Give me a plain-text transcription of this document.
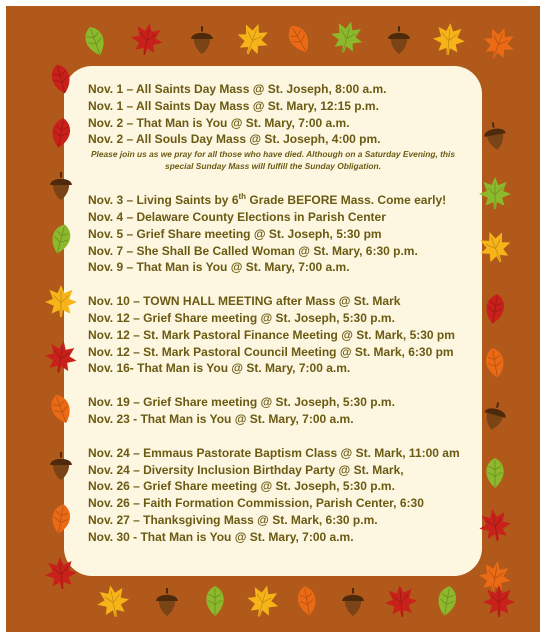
Nov. 1 – All Saints Day Mass @ St. Joseph, 8:00 a.m.
Nov. 1 – All Saints Day Mass @ St. Mary, 12:15 p.m.
Nov. 2 – That Man is You @ St. Mary, 7:00 a.m.
Nov. 2 – All Souls Day Mass @ St. Joseph, 4:00 pm.
Please join us as we pray for all those who have died. Although on a Saturday Evening, this special Sunday Mass will fulfill the Sunday Obligation.
Nov. 3 – Living Saints by 6th Grade BEFORE Mass. Come early!
Nov. 4 – Delaware County Elections in Parish Center
Nov. 5 – Grief Share meeting @ St. Joseph, 5:30 pm
Nov. 7 – She Shall Be Called Woman @ St. Mary, 6:30 p.m.
Nov. 9 – That Man is You @ St. Mary, 7:00 a.m.
Nov. 10 – TOWN HALL MEETING after Mass @ St. Mark
Nov. 12 – Grief Share meeting @ St. Joseph, 5:30 p.m.
Nov. 12 – St. Mark Pastoral Finance Meeting @ St. Mark, 5:30 pm
Nov. 12 – St. Mark Pastoral Council Meeting @ St. Mark, 6:30 pm
Nov. 16- That Man is You @ St. Mary, 7:00 a.m.
Nov. 19 – Grief Share meeting @ St. Joseph, 5:30 p.m.
Nov. 23 - That Man is You @ St. Mary, 7:00 a.m.
Nov. 24 – Emmaus Pastorate Baptism Class @ St. Mark, 11:00 am
Nov. 24 – Diversity Inclusion Birthday Party @ St. Mark,
Nov. 26 – Grief Share meeting @ St. Joseph, 5:30 p.m.
Nov. 26 – Faith Formation Commission, Parish Center, 6:30
Nov. 27 – Thanksgiving Mass @ St. Mark, 6:30 p.m.
Nov. 30 - That Man is You @ St. Mary, 7:00 a.m.
